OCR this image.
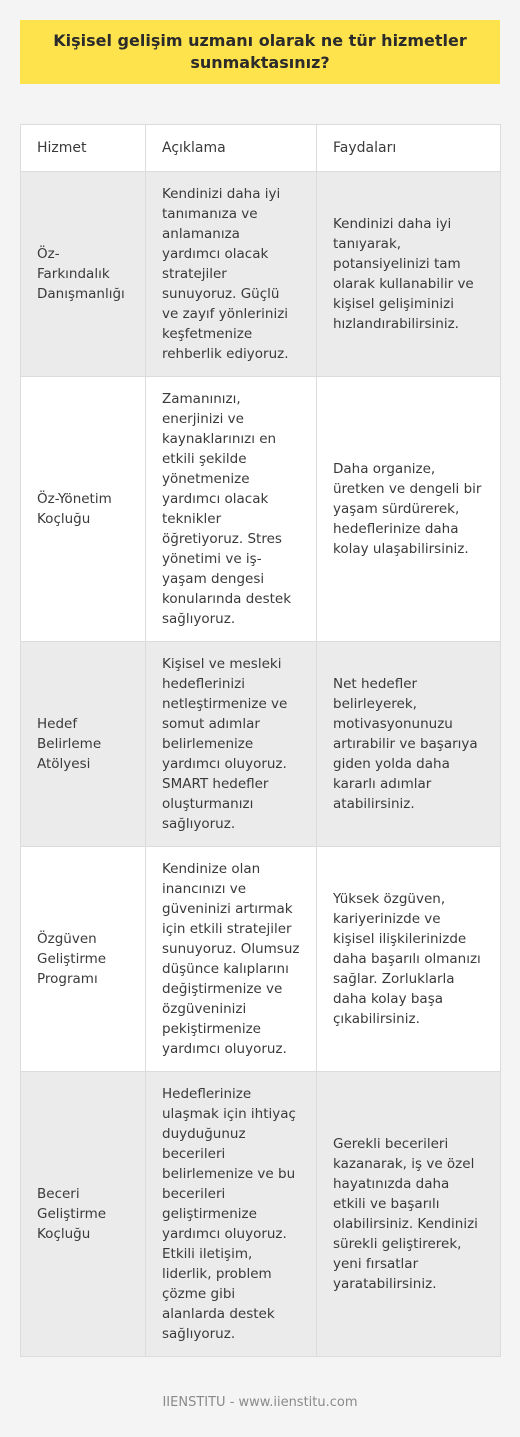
Kişisel gelişim uzmanı olarak ne tür hizmetler sunmaktasınız?
Hizmet	Açıklama	Faydaları
Öz-Farkındalık Danışmanlığı	Kendinizi daha iyi tanımanıza ve anlamanıza yardımcı olacak stratejiler sunuyoruz. Güçlü ve zayıf yönlerinizi keşfetmenize rehberlik ediyoruz.	Kendinizi daha iyi tanıyarak, potansiyelinizi tam olarak kullanabilir ve kişisel gelişiminizi hızlandırabilirsiniz.
Öz-Yönetim Koçluğu	Zamanınızı, enerjinizi ve kaynaklarınızı en etkili şekilde yönetmenize yardımcı olacak teknikler öğretiyoruz. Stres yönetimi ve iş-yaşam dengesi konularında destek sağlıyoruz.	Daha organize, üretken ve dengeli bir yaşam sürdürerek, hedeflerinize daha kolay ulaşabilirsiniz.
Hedef Belirleme Atölyesi	Kişisel ve mesleki hedeflerinizi netleştirmenize ve somut adımlar belirlemenize yardımcı oluyoruz. SMART hedefler oluşturmanızı sağlıyoruz.	Net hedefler belirleyerek, motivasyonunuzu artırabilir ve başarıya giden yolda daha kararlı adımlar atabilirsiniz.
Özgüven Geliştirme Programı	Kendinize olan inancınızı ve güveninizi artırmak için etkili stratejiler sunuyoruz. Olumsuz düşünce kalıplarını değiştirmenize ve özgüveninizi pekiştirmenize yardımcı oluyoruz.	Yüksek özgüven, kariyerinizde ve kişisel ilişkilerinizde daha başarılı olmanızı sağlar. Zorluklarla daha kolay başa çıkabilirsiniz.
Beceri Geliştirme Koçluğu	Hedeflerinize ulaşmak için ihtiyaç duyduğunuz becerileri belirlemenize ve bu becerileri geliştirmenize yardımcı oluyoruz. Etkili iletişim, liderlik, problem çözme gibi alanlarda destek sağlıyoruz.	Gerekli becerileri kazanarak, iş ve özel hayatınızda daha etkili ve başarılı olabilirsiniz. Kendinizi sürekli geliştirerek, yeni fırsatlar yaratabilirsiniz.
IIENSTITU - www.iienstitu.com
